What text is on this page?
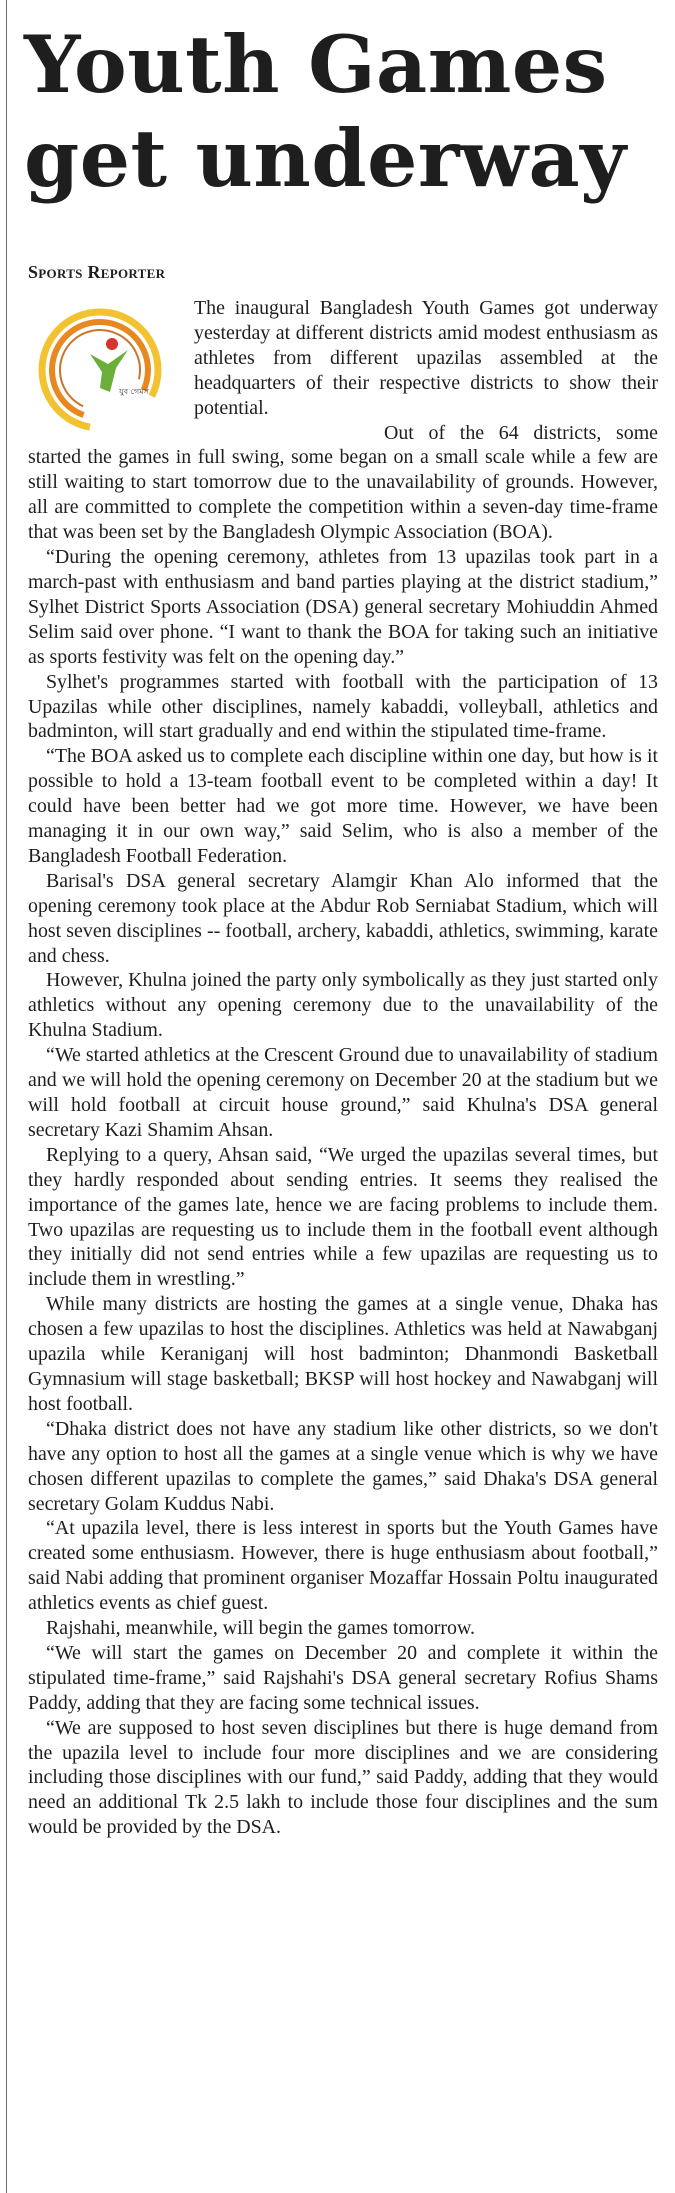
Youth Games get underway
Sports Reporter
যুব গেমস

The inaugural Bangladesh Youth Games got underway yesterday at different districts amid modest enthusiasm as athletes from different upazilas assembled at the headquarters of their respective districts to show their potential.

Out of the 64 districts, some started the games in full swing, some began on a small scale while a few are still waiting to start tomorrow due to the unavailability of grounds. However, all are committed to complete the competition within a seven-day time-frame that was been set by the Bangladesh Olympic Association (BOA).

“During the opening ceremony, athletes from 13 upazilas took part in a march-past with enthusiasm and band parties playing at the district stadium,” Sylhet District Sports Association (DSA) general secretary Mohiuddin Ahmed Selim said over phone. “I want to thank the BOA for taking such an initiative as sports festivity was felt on the opening day.”

Sylhet's programmes started with football with the participation of 13 Upazilas while other disciplines, namely kabaddi, volleyball, athletics and badminton, will start gradually and end within the stipulated time-frame.

“The BOA asked us to complete each discipline within one day, but how is it possible to hold a 13-team football event to be completed within a day! It could have been better had we got more time. However, we have been managing it in our own way,” said Selim, who is also a member of the Bangladesh Football Federation.

Barisal's DSA general secretary Alamgir Khan Alo informed that the opening ceremony took place at the Abdur Rob Serniabat Stadium, which will host seven disciplines -- football, archery, kabaddi, athletics, swimming, karate and chess.

However, Khulna joined the party only symbolically as they just started only athletics without any opening ceremony due to the unavailability of the Khulna Stadium.

“We started athletics at the Crescent Ground due to unavailability of stadium and we will hold the opening ceremony on December 20 at the stadium but we will hold football at circuit house ground,” said Khulna's DSA general secretary Kazi Shamim Ahsan.

Replying to a query, Ahsan said, “We urged the upazilas several times, but they hardly responded about sending entries. It seems they realised the importance of the games late, hence we are facing problems to include them. Two upazilas are requesting us to include them in the football event although they initially did not send entries while a few upazilas are requesting us to include them in wrestling.”

While many districts are hosting the games at a single venue, Dhaka has chosen a few upazilas to host the disciplines. Athletics was held at Nawabganj upazila while Keraniganj will host badminton; Dhanmondi Basketball Gymnasium will stage basketball; BKSP will host hockey and Nawabganj will host football.

“Dhaka district does not have any stadium like other districts, so we don't have any option to host all the games at a single venue which is why we have chosen different upazilas to complete the games,” said Dhaka's DSA general secretary Golam Kuddus Nabi.

“At upazila level, there is less interest in sports but the Youth Games have created some enthusiasm. However, there is huge enthusiasm about football,” said Nabi adding that prominent organiser Mozaffar Hossain Poltu inaugurated athletics events as chief guest.

Rajshahi, meanwhile, will begin the games tomorrow.

“We will start the games on December 20 and complete it within the stipulated time-frame,” said Rajshahi's DSA general secretary Rofius Shams Paddy, adding that they are facing some technical issues.

“We are supposed to host seven disciplines but there is huge demand from the upazila level to include four more disciplines and we are considering including those disciplines with our fund,” said Paddy, adding that they would need an additional Tk 2.5 lakh to include those four disciplines and the sum would be provided by the DSA.
